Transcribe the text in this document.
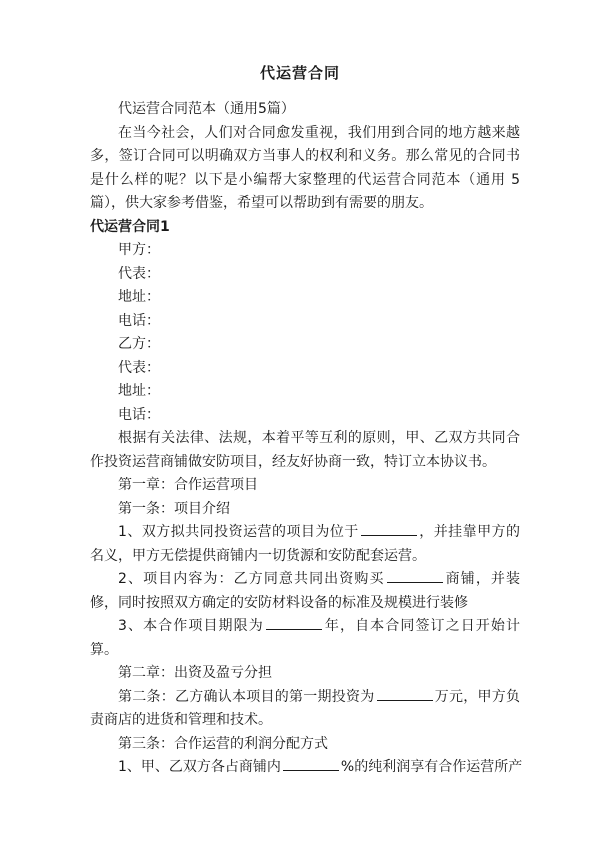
代运营合同

代运营合同范本（通用5篇）

在当今社会，人们对合同愈发重视，我们用到合同的地方越来越多，签订合同可以明确双方当事人的权利和义务。那么常见的合同书是什么样的呢？以下是小编帮大家整理的代运营合同范本（通用 5篇），供大家参考借鉴，希望可以帮助到有需要的朋友。

代运营合同1

甲方：

代表：

地址：

电话：

乙方：

代表：

地址：

电话：

根据有关法律、法规，本着平等互利的原则，甲、乙双方共同合作投资运营商铺做安防项目，经友好协商一致，特订立本协议书。

第一章：合作运营项目

第一条：项目介绍

1、双方拟共同投资运营的项目为位于	，并挂靠甲方的名义，甲方无偿提供商铺内一切货源和安防配套运营。

2、项目内容为：乙方同意共同出资购买	商铺，并装修，同时按照双方确定的安防材料设备的标准及规模进行装修

3、本合作项目期限为	年，自本合同签订之日开始计算。

第二章：出资及盈亏分担

第二条：乙方确认本项目的第一期投资为	万元，甲方负责商店的进货和管理和技术。

第三条：合作运营的利润分配方式

1、甲、乙双方各占商铺内	%的纯利润享有合作运营所产
